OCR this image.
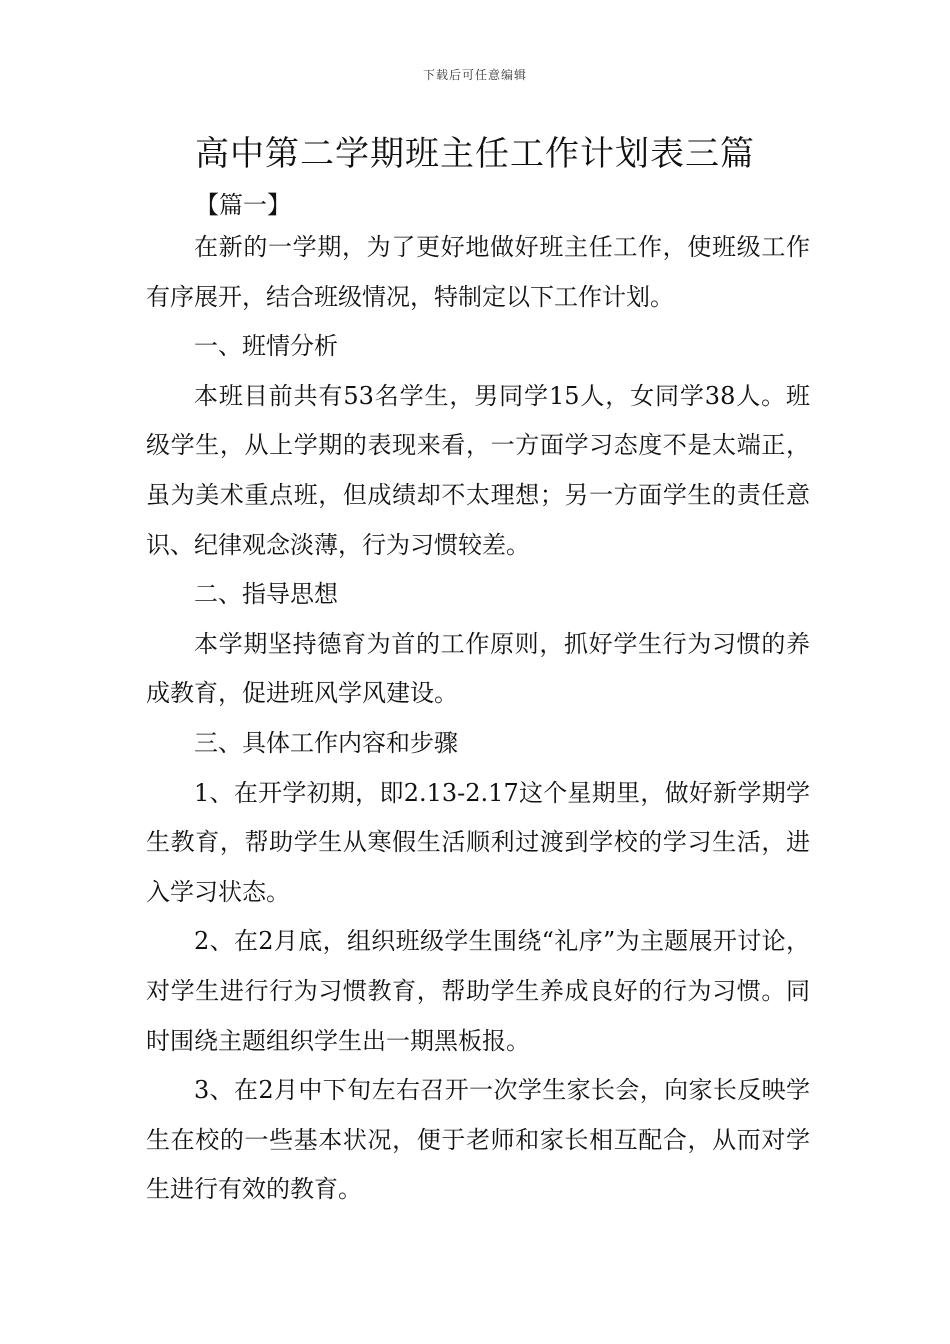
下载后可任意编辑
高中第二学期班主任工作计划表三篇
【篇一】

在新的一学期，为了更好地做好班主任工作，使班级工作有序展开，结合班级情况，特制定以下工作计划。

一、班情分析

本班目前共有53名学生，男同学15人，女同学38人。班级学生，从上学期的表现来看，一方面学习态度不是太端正，虽为美术重点班，但成绩却不太理想；另一方面学生的责任意识、纪律观念淡薄，行为习惯较差。

二、指导思想

本学期坚持德育为首的工作原则，抓好学生行为习惯的养成教育，促进班风学风建设。

三、具体工作内容和步骤

1、在开学初期，即2.13-2.17这个星期里，做好新学期学生教育，帮助学生从寒假生活顺利过渡到学校的学习生活，进入学习状态。

2、在2月底，组织班级学生围绕“礼序”为主题展开讨论，对学生进行行为习惯教育，帮助学生养成良好的行为习惯。同时围绕主题组织学生出一期黑板报。

3、在2月中下旬左右召开一次学生家长会，向家长反映学生在校的一些基本状况，便于老师和家长相互配合，从而对学生进行有效的教育。
